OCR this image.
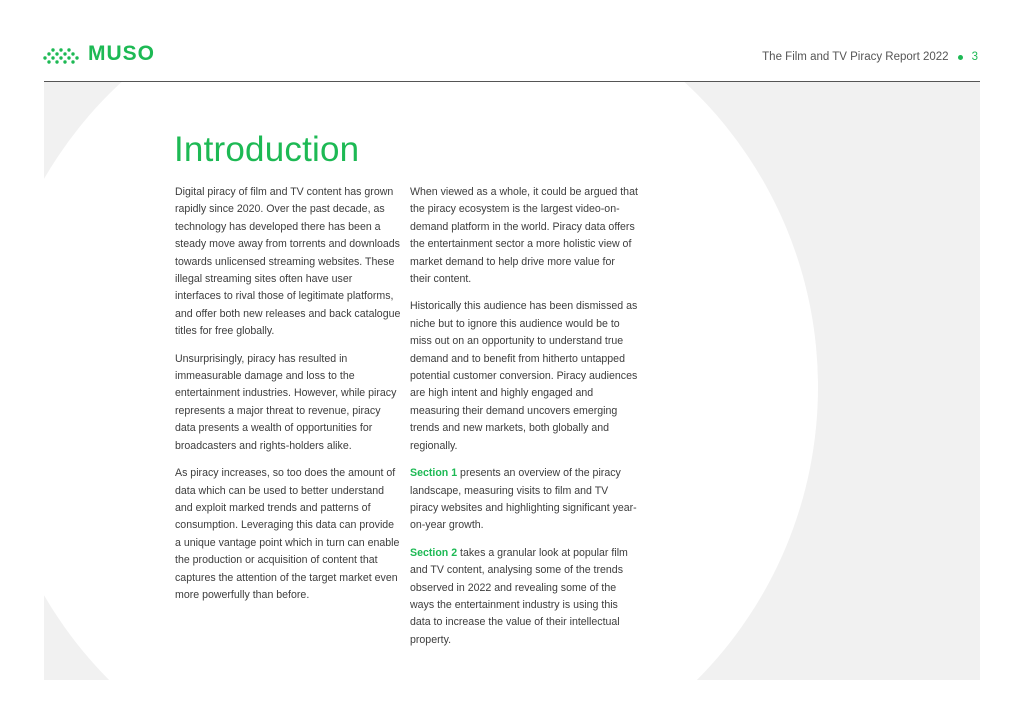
MUSO	The Film and TV Piracy Report 2022 3
Introduction

Digital piracy of film and TV content has grown rapidly since 2020. Over the past decade, as technology has developed there has been a steady move away from torrents and downloads towards unlicensed streaming websites. These illegal streaming sites often have user interfaces to rival those of legitimate platforms, and offer both new releases and back catalogue titles for free globally.

Unsurprisingly, piracy has resulted in immeasurable damage and loss to the entertainment industries. However, while piracy represents a major threat to revenue, piracy data presents a wealth of opportunities for broadcasters and rights-holders alike.

As piracy increases, so too does the amount of data which can be used to better understand and exploit marked trends and patterns of consumption. Leveraging this data can provide a unique vantage point which in turn can enable the production or acquisition of content that captures the attention of the target market even more powerfully than before.

When viewed as a whole, it could be argued that the piracy ecosystem is the largest video-on-demand platform in the world. Piracy data offers the entertainment sector a more holistic view of market demand to help drive more value for their content.

Historically this audience has been dismissed as niche but to ignore this audience would be to miss out on an opportunity to understand true demand and to benefit from hitherto untapped potential customer conversion. Piracy audiences are high intent and highly engaged and measuring their demand uncovers emerging trends and new markets, both globally and regionally.

Section 1 presents an overview of the piracy landscape, measuring visits to film and TV piracy websites and highlighting significant year-on-year growth.

Section 2 takes a granular look at popular film and TV content, analysing some of the trends observed in 2022 and revealing some of the ways the entertainment industry is using this data to increase the value of their intellectual property.
